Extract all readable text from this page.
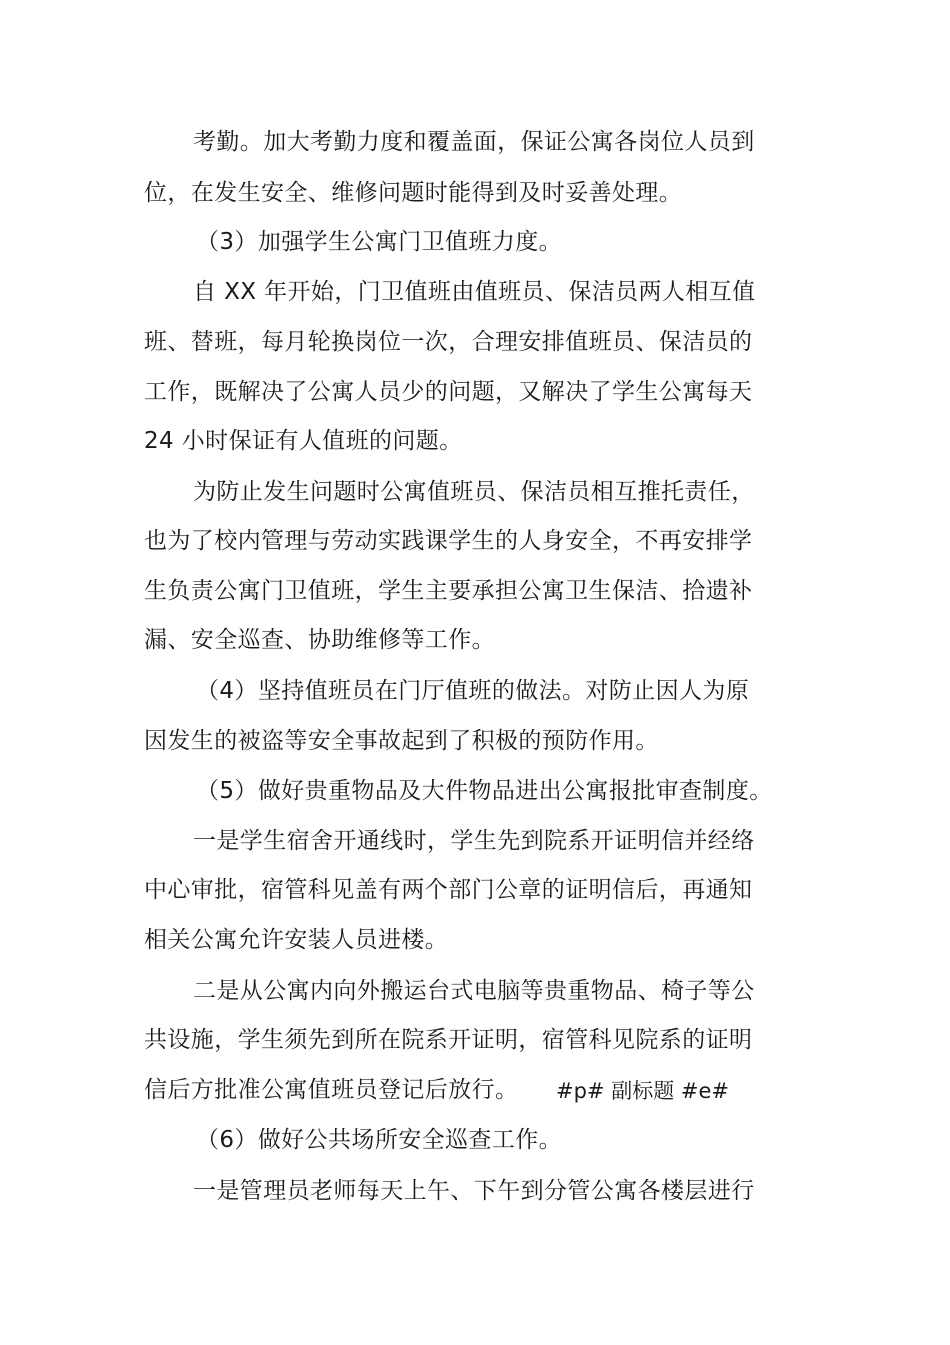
考勤。加大考勤力度和覆盖面，保证公寓各岗位人员到
位，在发生安全、维修问题时能得到及时妥善处理。
（3）加强学生公寓门卫值班力度。
自 XX 年开始，门卫值班由值班员、保洁员两人相互值
班、替班，每月轮换岗位一次，合理安排值班员、保洁员的
工作，既解决了公寓人员少的问题，又解决了学生公寓每天
24 小时保证有人值班的问题。
为防止发生问题时公寓值班员、保洁员相互推托责任，
也为了校内管理与劳动实践课学生的人身安全，不再安排学
生负责公寓门卫值班，学生主要承担公寓卫生保洁、拾遗补
漏、安全巡查、协助维修等工作。
（4）坚持值班员在门厅值班的做法。对防止因人为原
因发生的被盗等安全事故起到了积极的预防作用。
（5）做好贵重物品及大件物品进出公寓报批审查制度。
一是学生宿舍开通线时，学生先到院系开证明信并经络
中心审批，宿管科见盖有两个部门公章的证明信后，再通知
相关公寓允许安装人员进楼。
二是从公寓内向外搬运台式电脑等贵重物品、椅子等公
共设施，学生须先到所在院系开证明，宿管科见院系的证明
信后方批准公寓值班员登记后放行。 #p# 副标题 #e#
（6）做好公共场所安全巡查工作。
一是管理员老师每天上午、下午到分管公寓各楼层进行
